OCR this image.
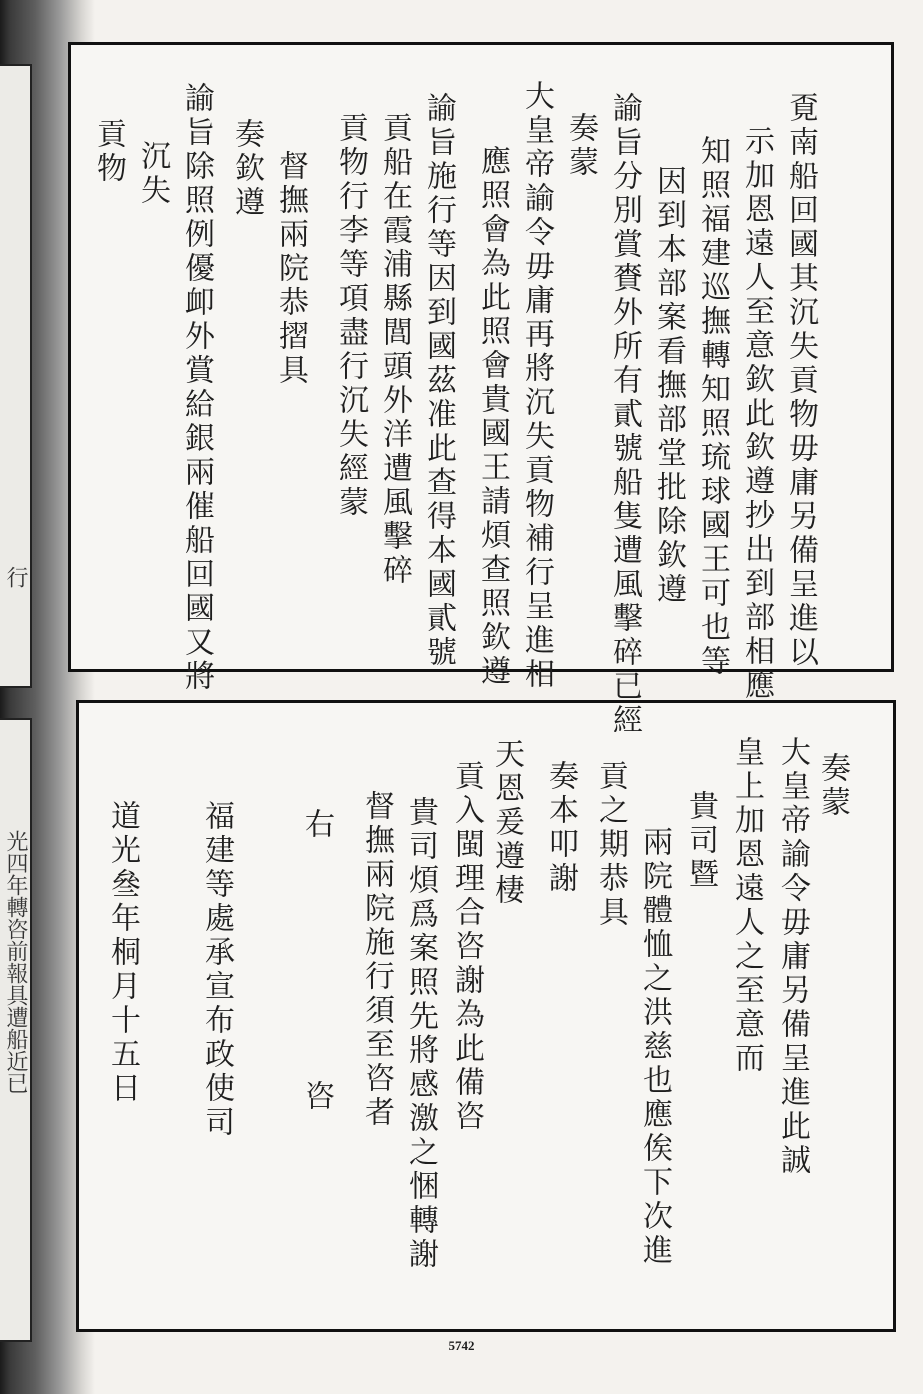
行
光四年轉咨前報具遭船近已
覔南船回國其沉失貢物毋庸另備呈進以
示加恩遠人至意欽此欽遵抄出到部相應
知照福建巡撫轉知照琉球國王可也等
因到本部案看撫部堂批除欽遵
諭旨分別賞賚外所有貳號船隻遭風擊碎已經
奏蒙
大皇帝諭令毋庸再將沉失貢物補行呈進相
應照會為此照會貴國王請煩查照欽遵
諭旨施行等因到國茲准此查得本國貳號
貢船在霞浦縣閭頭外洋遭風擊碎
貢物行李等項盡行沉失經蒙
督撫兩院恭摺具
奏欽遵
諭旨除照例優卹外賞給銀兩催船回國又將
沉失
貢物
奏蒙
大皇帝諭令毋庸另備呈進此誠
皇上加恩遠人之至意而
貴司暨
兩院體恤之洪慈也應俟下次進
貢之期恭具
奏本叩謝
天恩爰遵棲
貢入閩理合咨謝為此備咨
貴司煩爲案照先將感激之悃轉謝
督撫兩院施行須至咨者
右
咨
福建等處承宣布政使司
道光叄年桐月十五日
5742
